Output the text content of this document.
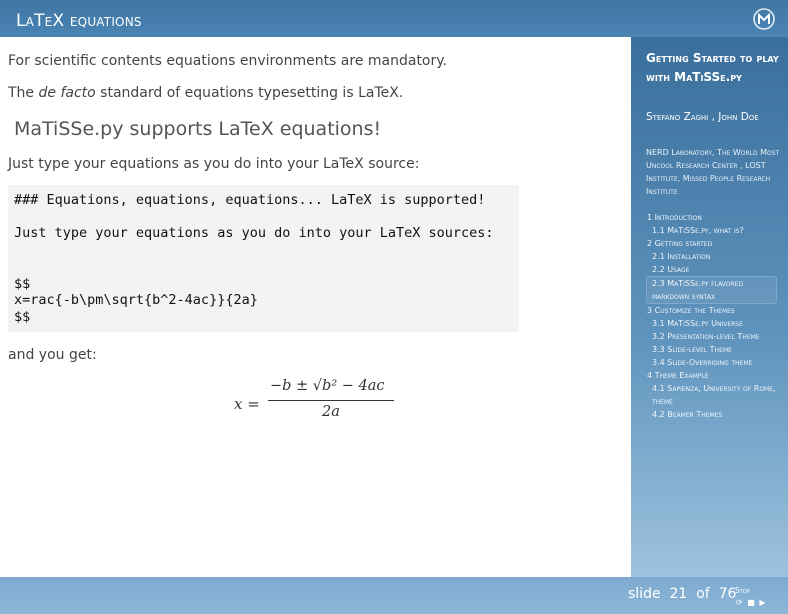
LaTeX equations
For scientific contents equations environments are mandatory.
The de facto standard of equations typesetting is LaTeX.
MaTiSSe.py supports LaTeX equations!
Just type your equations as you do into your LaTeX source:
### Equations, equations, equations... LaTeX is supported!
Just type your equations as you do into your LaTeX sources:
$$
x=rac{-b\pm\sqrt{b^2-4ac}}{2a}
$$
and you get:
x =
−b ± √b² − 4ac
2a
Getting Started to play with MaTiSSe.py
Stefano Zaghi , John Doe
NERD Laboratory, The World Most Uncool Research Center , LOST Institute, Missed People Research Institute
1 Introduction
1.1 MaTiSSe.py, what is?
2 Getting started
2.1 Installation
2.2 Usage
2.3 MaTiSSe.py flavored markdown syntax
3 Customize the Themes
3.1 MaTiSSe.py Universe
3.2 Presentation-level Theme
3.3 Slide-level Theme
3.4 Slide-Overriding theme
4 Theme Example
4.1 Sapienza, University of Rome, theme
4.2 Beamer Themes
slide 21 of 76
Stop
⟳ ■ ▶
